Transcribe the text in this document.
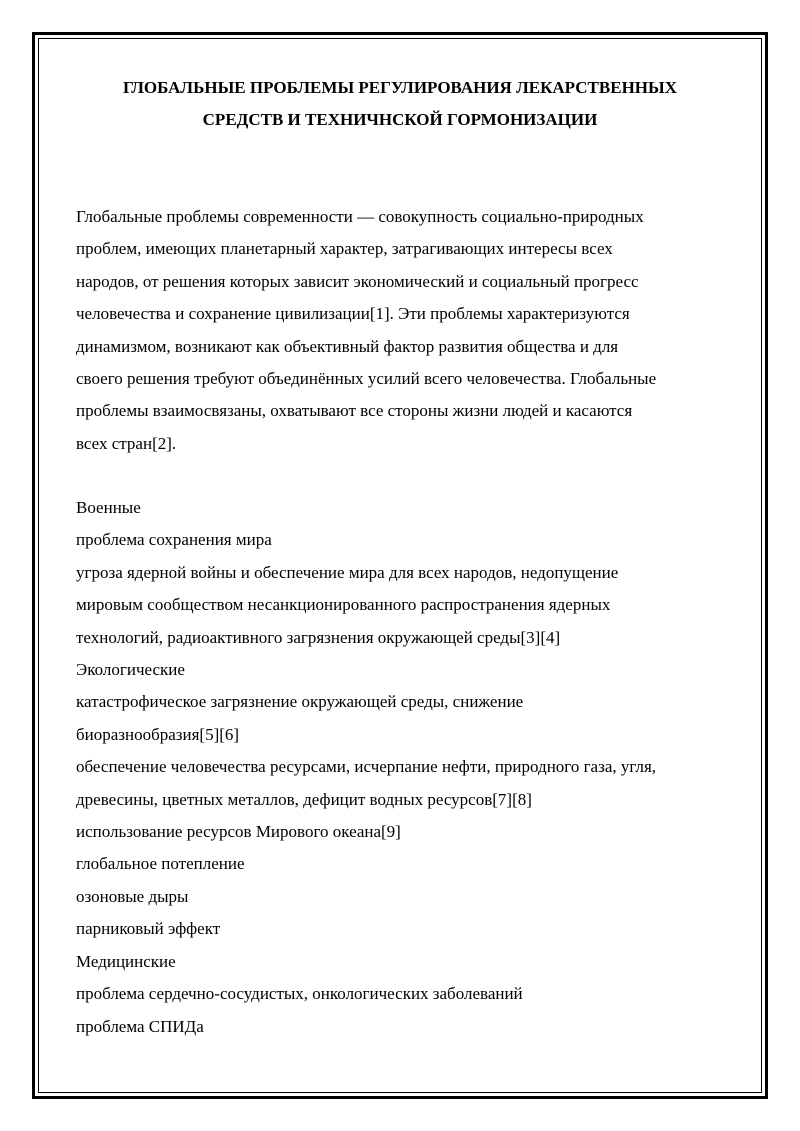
ГЛОБАЛЬНЫЕ ПРОБЛЕМЫ РЕГУЛИРОВАНИЯ ЛЕКАРСТВЕННЫХ
СРЕДСТВ И ТЕХНИЧНСКОЙ ГОРМОНИЗАЦИИ
Глобальные проблемы современности — совокупность социально-природных
проблем, имеющих планетарный характер, затрагивающих интересы всех
народов, от решения которых зависит экономический и социальный прогресс
человечества и сохранение цивилизации[1]. Эти проблемы характеризуются
динамизмом, возникают как объективный фактор развития общества и для
своего решения требуют объединённых усилий всего человечества. Глобальные
проблемы взаимосвязаны, охватывают все стороны жизни людей и касаются
всех стран[2].
Военные
проблема сохранения мира
угроза ядерной войны и обеспечение мира для всех народов, недопущение
мировым сообществом несанкционированного распространения ядерных
технологий, радиоактивного загрязнения окружающей среды[3][4]
Экологические
катастрофическое загрязнение окружающей среды, снижение
биоразнообразия[5][6]
обеспечение человечества ресурсами, исчерпание нефти, природного газа, угля,
древесины, цветных металлов, дефицит водных ресурсов[7][8]
использование ресурсов Мирового океана[9]
глобальное потепление
озоновые дыры
парниковый эффект
Медицинские
проблема сердечно-сосудистых, онкологических заболеваний
проблема СПИДа
